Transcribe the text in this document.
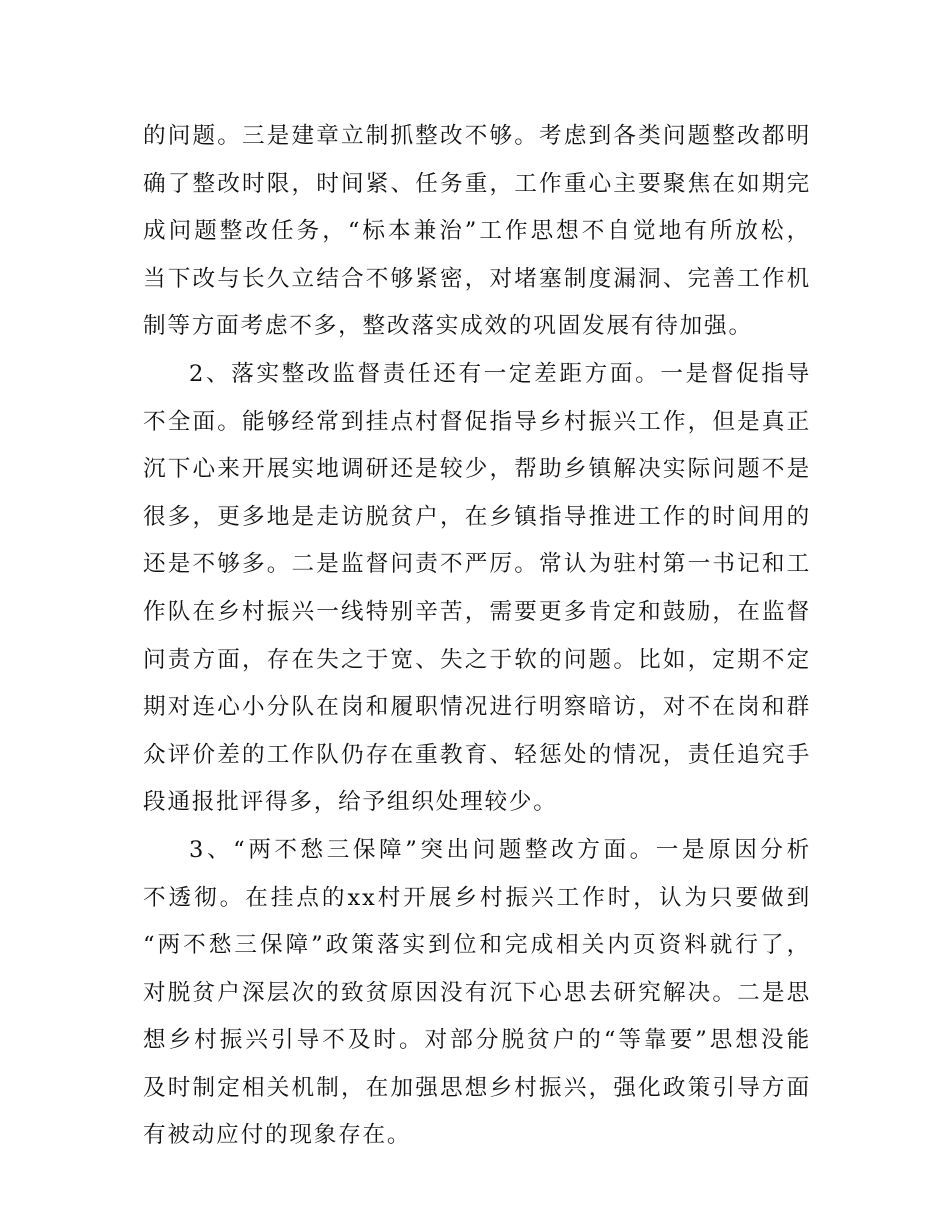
的问题。三是建章立制抓整改不够。考虑到各类问题整改都明
确了整改时限，时间紧、任务重，工作重心主要聚焦在如期完
成问题整改任务，“标本兼治”工作思想不自觉地有所放松，
当下改与长久立结合不够紧密，对堵塞制度漏洞、完善工作机
制等方面考虑不多，整改落实成效的巩固发展有待加强。
2、落实整改监督责任还有一定差距方面。一是督促指导
不全面。能够经常到挂点村督促指导乡村振兴工作，但是真正
沉下心来开展实地调研还是较少，帮助乡镇解决实际问题不是
很多，更多地是走访脱贫户，在乡镇指导推进工作的时间用的
还是不够多。二是监督问责不严厉。常认为驻村第一书记和工
作队在乡村振兴一线特别辛苦，需要更多肯定和鼓励，在监督
问责方面，存在失之于宽、失之于软的问题。比如，定期不定
期对连心小分队在岗和履职情况进行明察暗访，对不在岗和群
众评价差的工作队仍存在重教育、轻惩处的情况，责任追究手
段通报批评得多，给予组织处理较少。
3、“两不愁三保障”突出问题整改方面。一是原因分析
不透彻。在挂点的xx村开展乡村振兴工作时，认为只要做到
“两不愁三保障”政策落实到位和完成相关内页资料就行了，
对脱贫户深层次的致贫原因没有沉下心思去研究解决。二是思
想乡村振兴引导不及时。对部分脱贫户的“等靠要”思想没能
及时制定相关机制，在加强思想乡村振兴，强化政策引导方面
有被动应付的现象存在。
